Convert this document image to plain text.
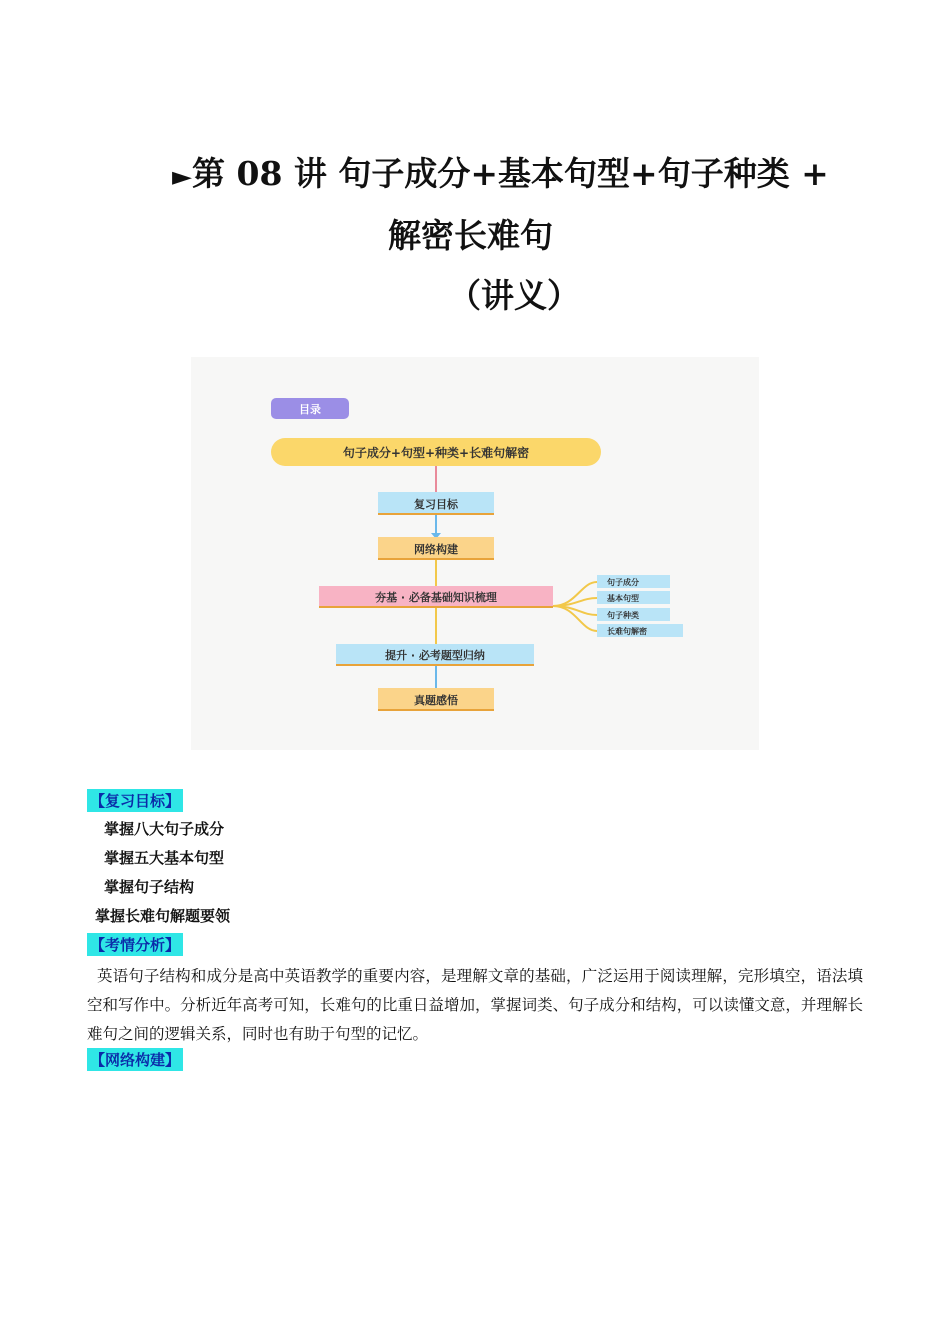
►第 08 讲 句子成分+基本句型+句子种类 +
解密长难句
（讲义）
目录
句子成分+句型+种类+长难句解密
复习目标
网络构建
夯基 · 必备基础知识梳理
提升 · 必考题型归纳
真题感悟
句子成分
基本句型
句子种类
长难句解密
【复习目标】
掌握八大句子成分
掌握五大基本句型
掌握句子结构
掌握长难句解题要领
【考情分析】
英语句子结构和成分是高中英语教学的重要内容，是理解文章的基础，广泛运用于阅读理解，完形填空，语法填空和写作中。分析近年高考可知，长难句的比重日益增加，掌握词类、句子成分和结构，可以读懂文意，并理解长难句之间的逻辑关系，同时也有助于句型的记忆。
【网络构建】
